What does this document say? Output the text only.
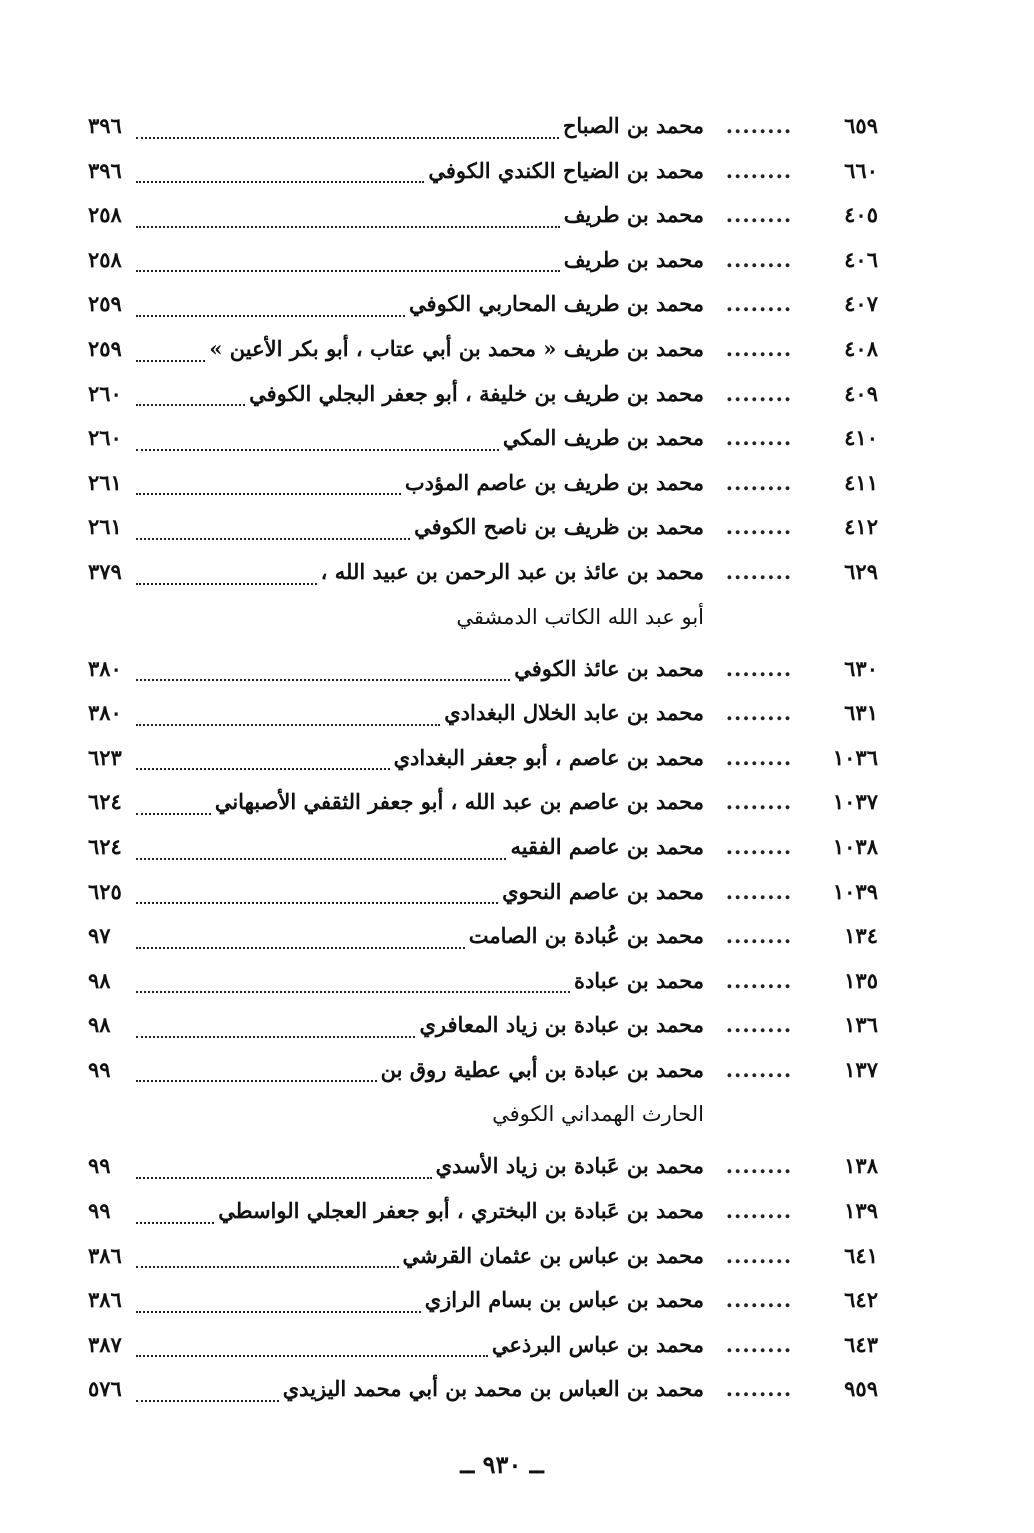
٦٥٩
........
محمد بن الصباح
٣٩٦
٦٦٠
........
محمد بن الضياح الكندي الكوفي
٣٩٦
٤٠٥
........
محمد بن طريف
٢٥٨
٤٠٦
........
محمد بن طريف
٢٥٨
٤٠٧
........
محمد بن طريف المحاربي الكوفي
٢٥٩
٤٠٨
........
محمد بن طريف « محمد بن أبي عتاب ، أبو بكر الأعين »
٢٥٩
٤٠٩
........
محمد بن طريف بن خليفة ، أبو جعفر البجلي الكوفي
٢٦٠
٤١٠
........
محمد بن طريف المكي
٢٦٠
٤١١
........
محمد بن طريف بن عاصم المؤدب
٢٦١
٤١٢
........
محمد بن ظريف بن ناصح الكوفي
٢٦١
٦٢٩
........
محمد بن عائذ بن عبد الرحمن بن عبيد الله ،
٣٧٩
أبو عبد الله الكاتب الدمشقي
٦٣٠
........
محمد بن عائذ الكوفي
٣٨٠
٦٣١
........
محمد بن عابد الخلال البغدادي
٣٨٠
١٠٣٦
........
محمد بن عاصم ، أبو جعفر البغدادي
٦٢٣
١٠٣٧
........
محمد بن عاصم بن عبد الله ، أبو جعفر الثقفي الأصبهاني
٦٢٤
١٠٣٨
........
محمد بن عاصم الفقيه
٦٢٤
١٠٣٩
........
محمد بن عاصم النحوي
٦٢٥
١٣٤
........
محمد بن عُبادة بن الصامت
٩٧
١٣٥
........
محمد بن عبادة
٩٨
١٣٦
........
محمد بن عبادة بن زياد المعافري
٩٨
١٣٧
........
محمد بن عبادة بن أبي عطية روق بن
٩٩
الحارث الهمداني الكوفي
١٣٨
........
محمد بن عَبادة بن زياد الأسدي
٩٩
١٣٩
........
محمد بن عَبادة بن البختري ، أبو جعفر العجلي الواسطي
٩٩
٦٤١
........
محمد بن عباس بن عثمان القرشي
٣٨٦
٦٤٢
........
محمد بن عباس بن بسام الرازي
٣٨٦
٦٤٣
........
محمد بن عباس البرذعي
٣٨٧
٩٥٩
........
محمد بن العباس بن محمد بن أبي محمد اليزيدي
٥٧٦
ــ ٩٣٠ ــ
